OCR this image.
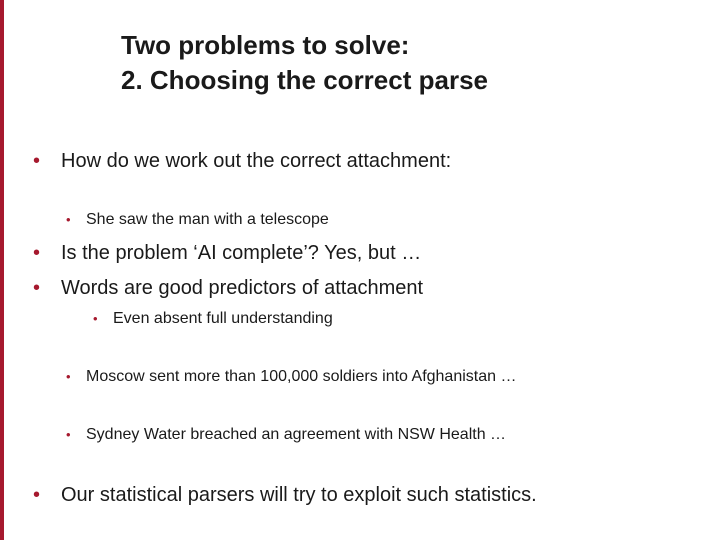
Two problems to solve:
2. Choosing the correct parse
• How do we work out the correct attachment:
• She saw the man with a telescope
• Is the problem ‘AI complete’? Yes, but …
• Words are good predictors of attachment
• Even absent full understanding
• Moscow sent more than 100,000 soldiers into Afghanistan …
• Sydney Water breached an agreement with NSW Health …
• Our statistical parsers will try to exploit such statistics.
